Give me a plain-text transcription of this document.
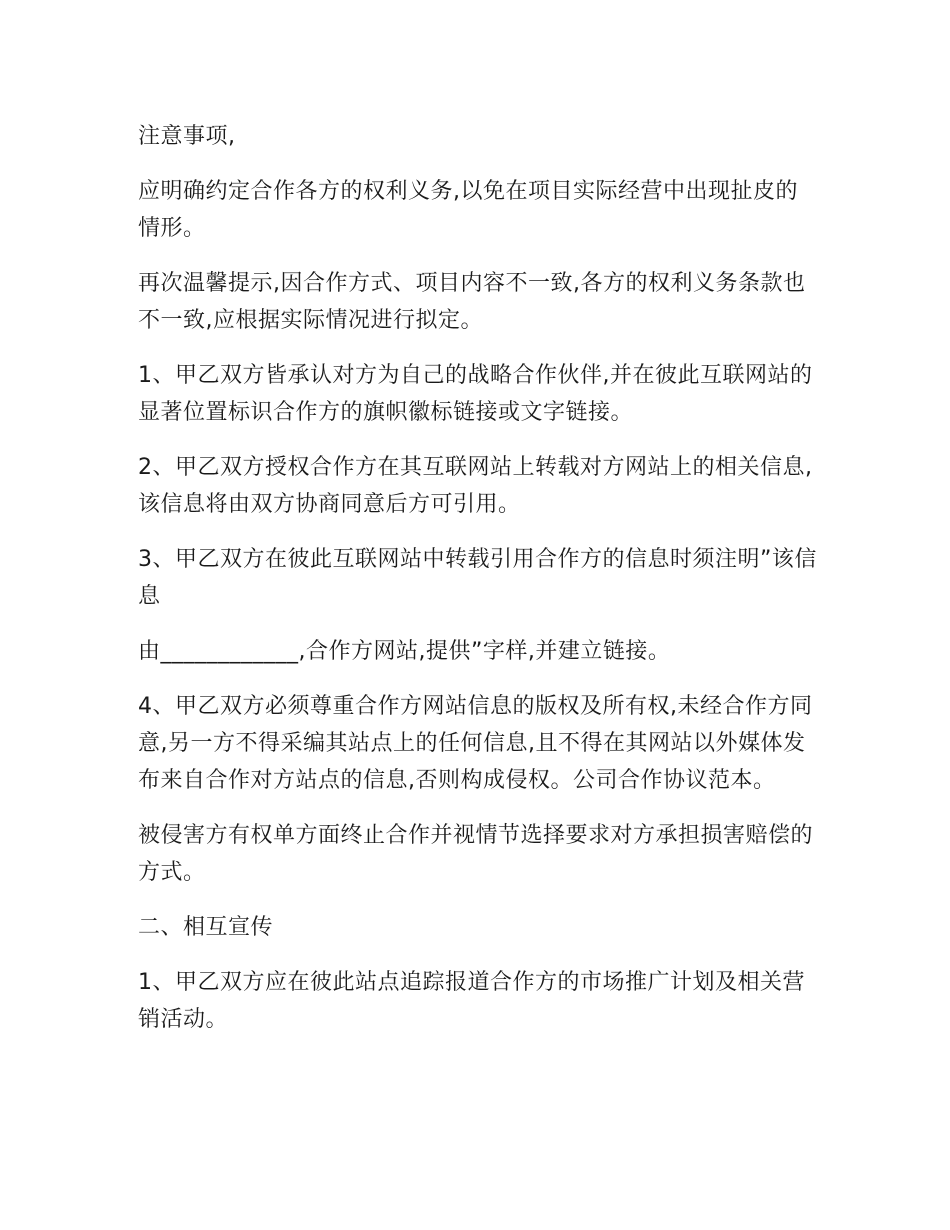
注意事项,

应明确约定合作各方的权利义务,以免在项目实际经营中出现扯皮的情形。

再次温馨提示,因合作方式、项目内容不一致,各方的权利义务条款也不一致,应根据实际情况进行拟定。

1、甲乙双方皆承认对方为自己的战略合作伙伴,并在彼此互联网站的显著位置标识合作方的旗帜徽标链接或文字链接。

2、甲乙双方授权合作方在其互联网站上转载对方网站上的相关信息,该信息将由双方协商同意后方可引用。

3、甲乙双方在彼此互联网站中转载引用合作方的信息时须注明”该信息

由____________,合作方网站,提供”字样,并建立链接。

4、甲乙双方必须尊重合作方网站信息的版权及所有权,未经合作方同意,另一方不得采编其站点上的任何信息,且不得在其网站以外媒体发布来自合作对方站点的信息,否则构成侵权。公司合作协议范本。

被侵害方有权单方面终止合作并视情节选择要求对方承担损害赔偿的方式。

二、相互宣传

1、甲乙双方应在彼此站点追踪报道合作方的市场推广计划及相关营销活动。
